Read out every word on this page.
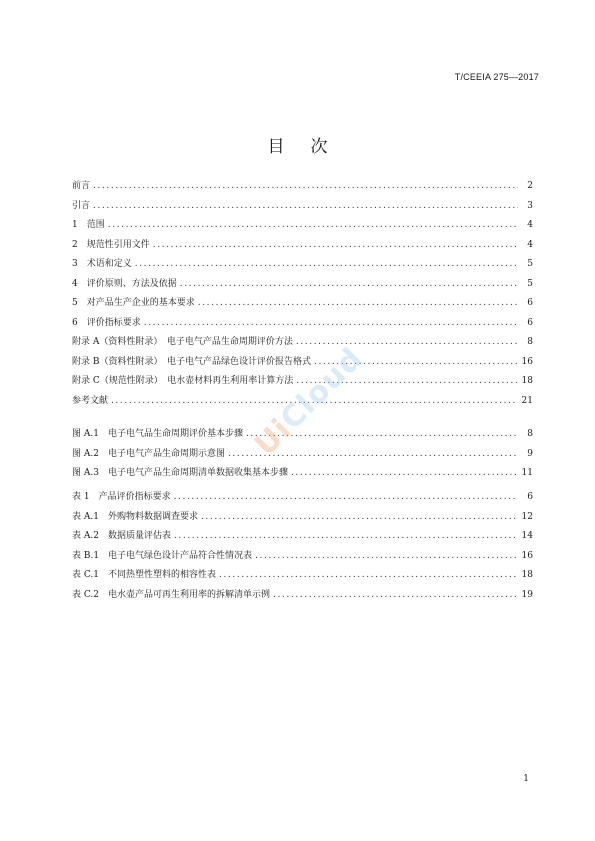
T/CEEIA 275—2017
目次
前言 .....	2
引言 .....	3
1　范围 .....	4
2　规范性引用文件 .....	4
3　术语和定义 .....	5
4　评价原则、方法及依据 .....	5
5　对产品生产企业的基本要求 .....	6
6　评价指标要求 .....	6
附录 A（资料性附录）　电子电气产品生命周期评价方法 .....	8
附录 B（资料性附录）　电子电气产品绿色设计评价报告格式 .....	16
附录 C（规范性附录）　电水壶材料再生利用率计算方法 .....	18
参考文献 .....	21
图 A.1　电子电气品生命周期评价基本步骤 .....	8
图 A.2　电子电气产品生命周期示意图 .....	9
图 A.3　电子电气产品生命周期清单数据收集基本步骤 .....	11
表 1　产品评价指标要求 .....	6
表 A.1　外购物料数据调查要求 .....	12
表 A.2　数据质量评估表 .....	14
表 B.1　电子电气绿色设计产品符合性情况表 .....	16
表 C.1　不同热塑性塑料的相容性表 .....	18
表 C.2　电水壶产品可再生利用率的拆解清单示例 .....	19
UiCloud
1
